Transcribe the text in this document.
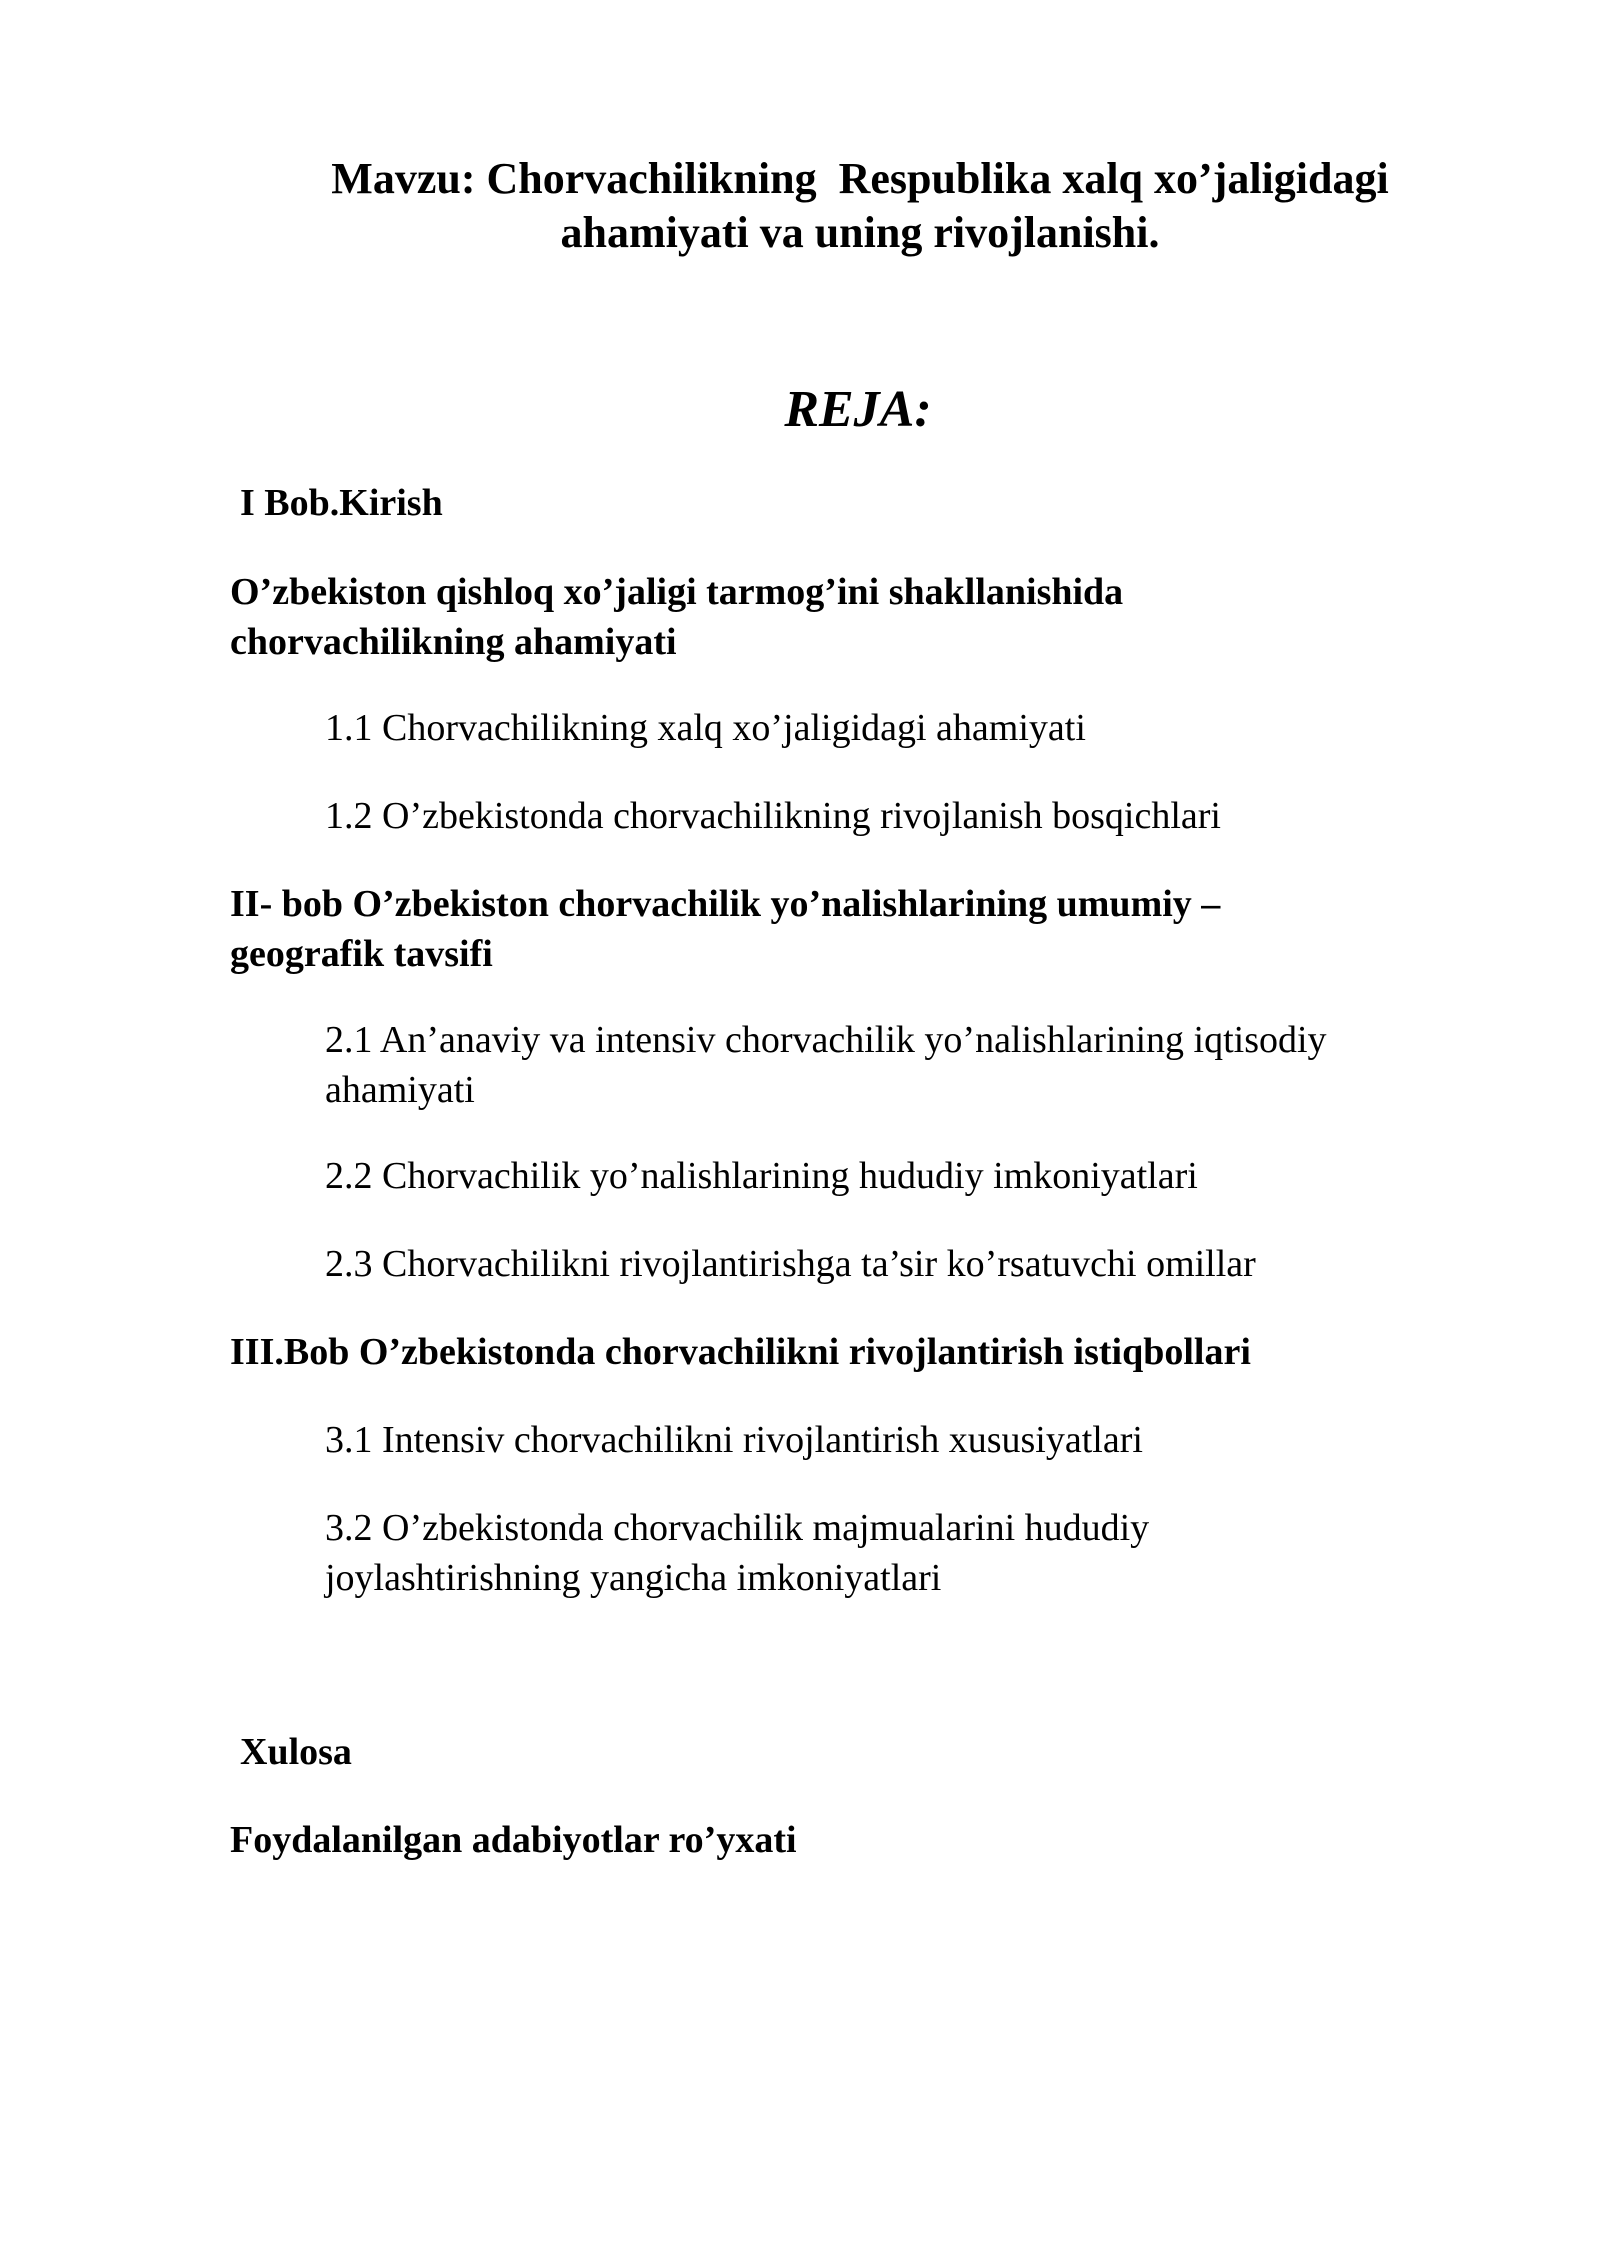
Mavzu: Chorvachilikning  Respublika xalq xo’jaligidagi
ahamiyati va uning rivojlanishi.
REJA:
I Bob.Kirish
O’zbekiston qishloq xo’jaligi tarmog’ini shakllanishida
chorvachilikning ahamiyati
1.1 Chorvachilikning xalq xo’jaligidagi ahamiyati
1.2 O’zbekistonda chorvachilikning rivojlanish bosqichlari
II- bob O’zbekiston chorvachilik yo’nalishlarining umumiy –
geografik tavsifi
2.1 An’anaviy va intensiv chorvachilik yo’nalishlarining iqtisodiy
ahamiyati
2.2 Chorvachilik yo’nalishlarining hududiy imkoniyatlari
2.3 Chorvachilikni rivojlantirishga ta’sir ko’rsatuvchi omillar
III.Bob O’zbekistonda chorvachilikni rivojlantirish istiqbollari
3.1 Intensiv chorvachilikni rivojlantirish xususiyatlari
3.2 O’zbekistonda chorvachilik majmualarini hududiy
joylashtirishning yangicha imkoniyatlari
Xulosa
Foydalanilgan adabiyotlar ro’yxati
